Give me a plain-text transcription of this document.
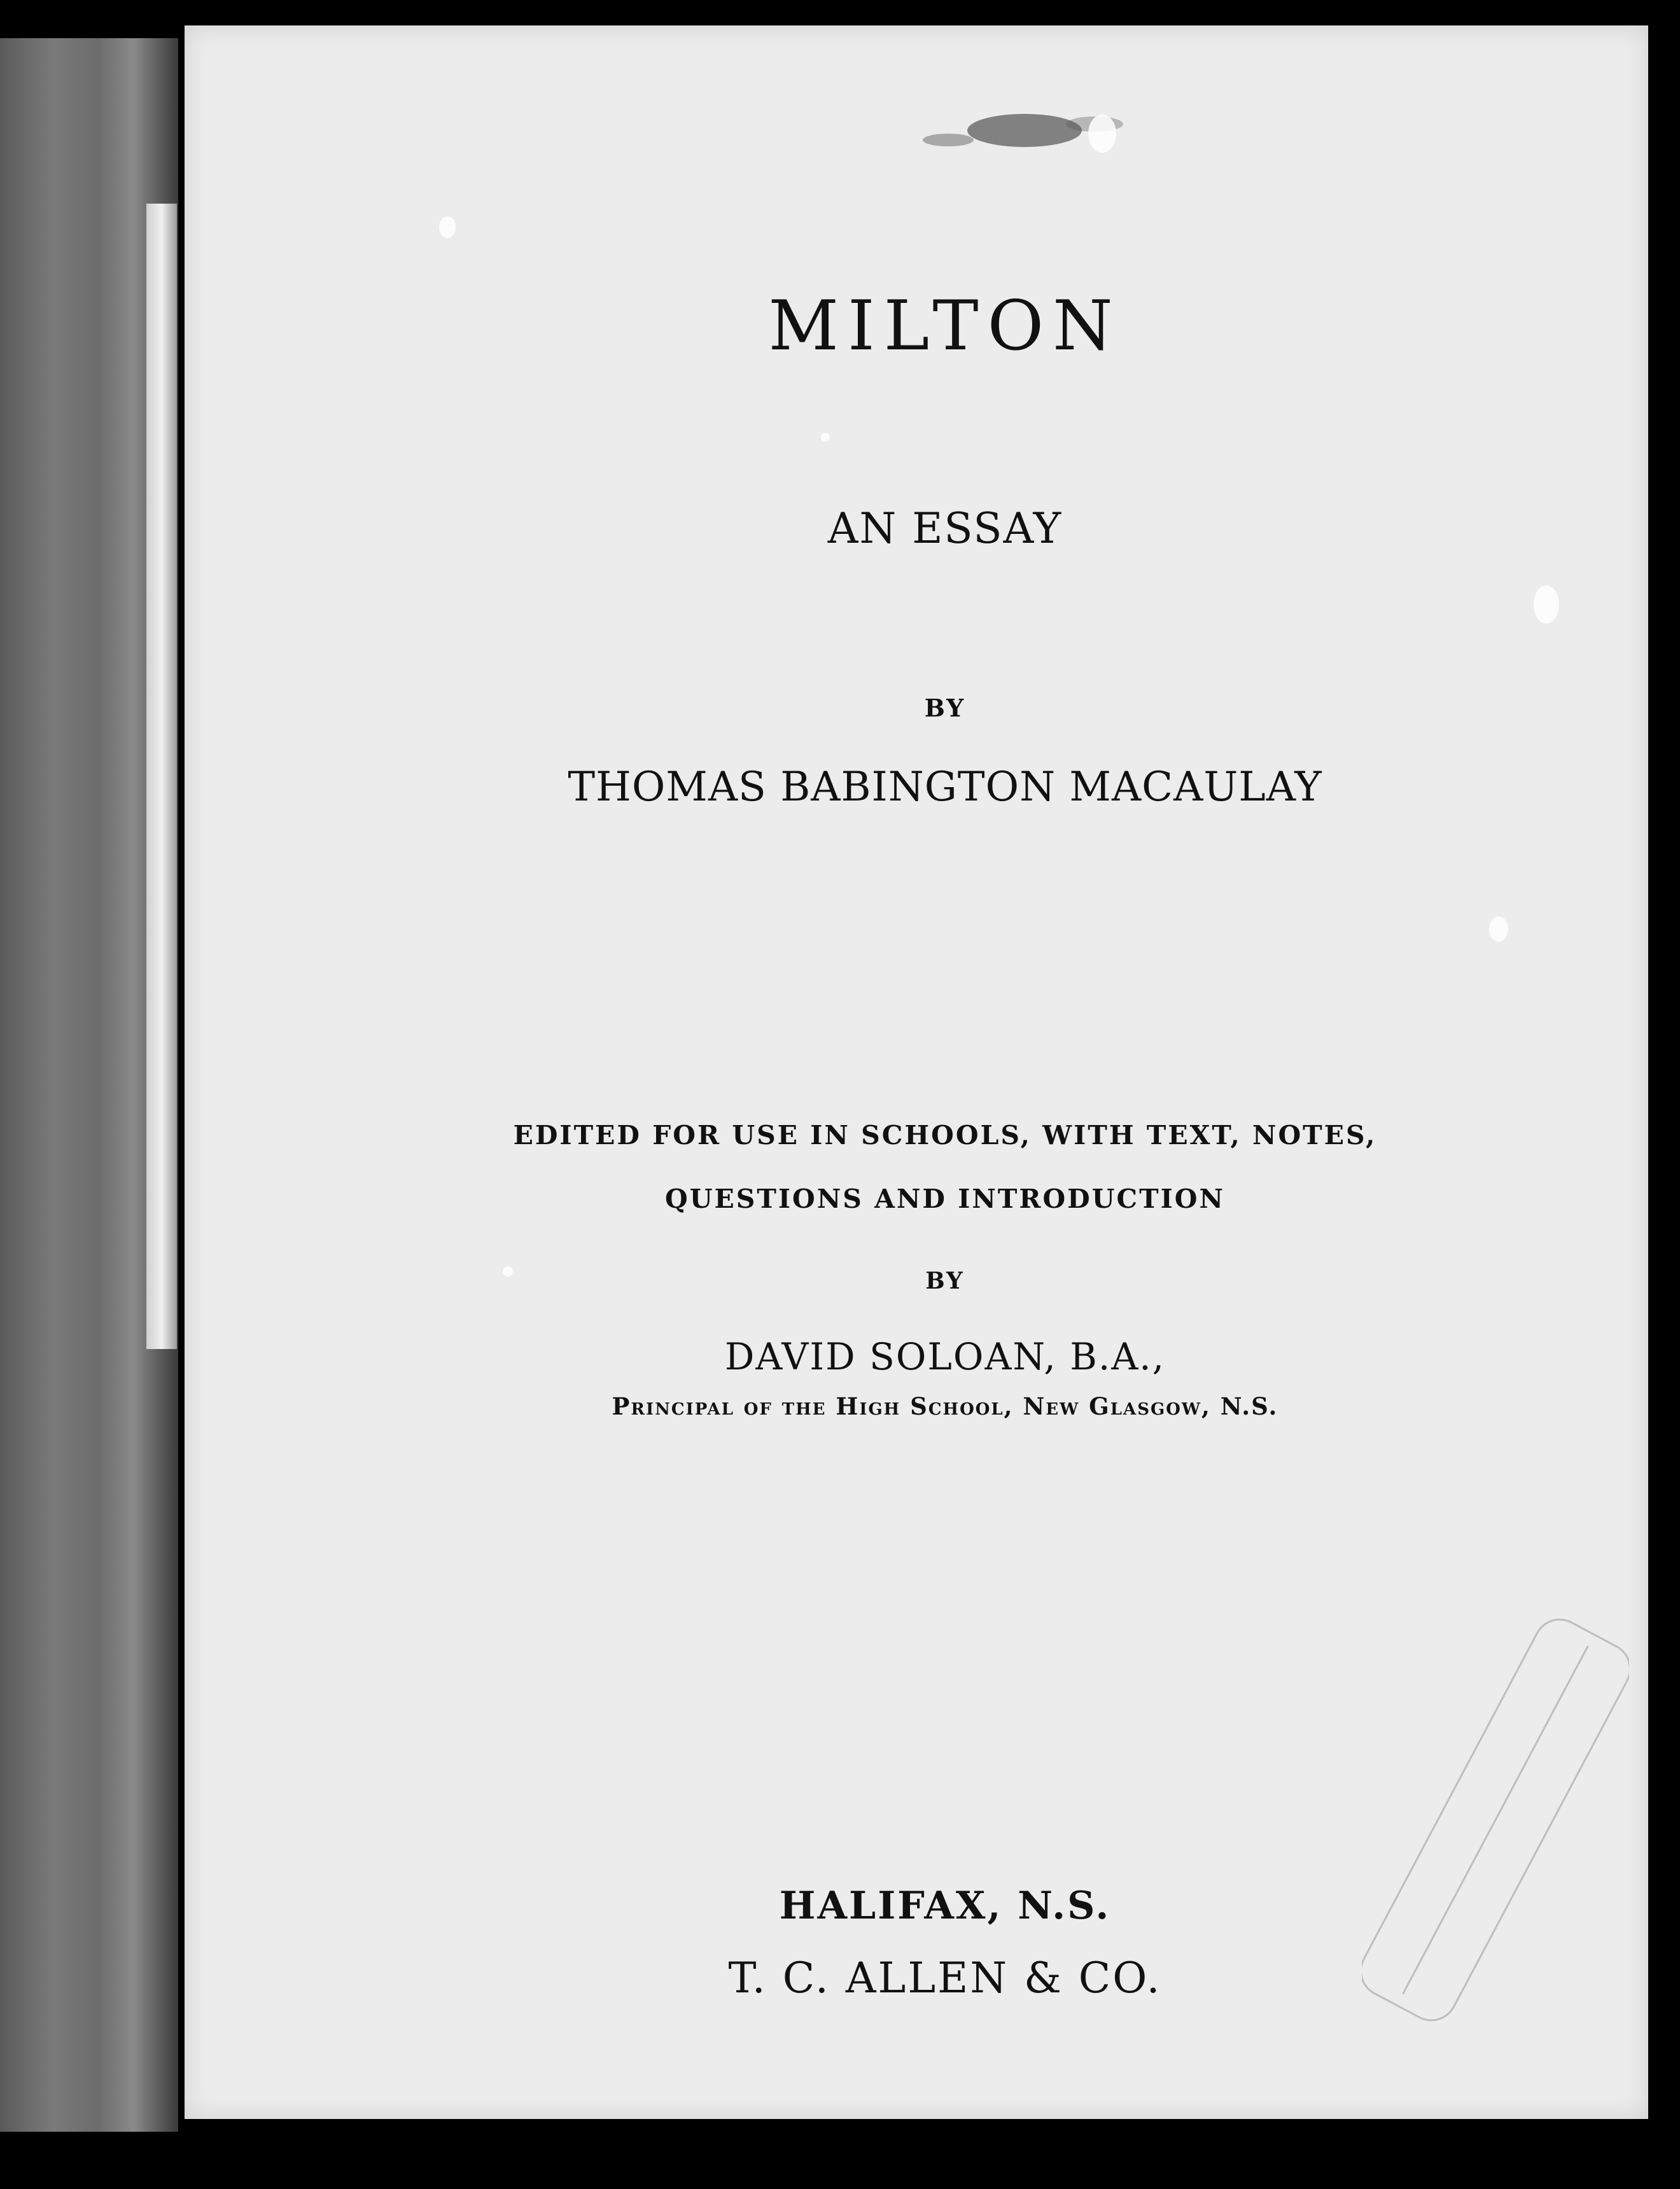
MILTON
AN ESSAY
BY
THOMAS BABINGTON MACAULAY
EDITED FOR USE IN SCHOOLS, WITH TEXT, NOTES,
QUESTIONS AND INTRODUCTION
BY
DAVID SOLOAN, B.A.,
Principal of the High School, New Glasgow, N.S.
HALIFAX, N.S.
T. C. ALLEN & CO.
